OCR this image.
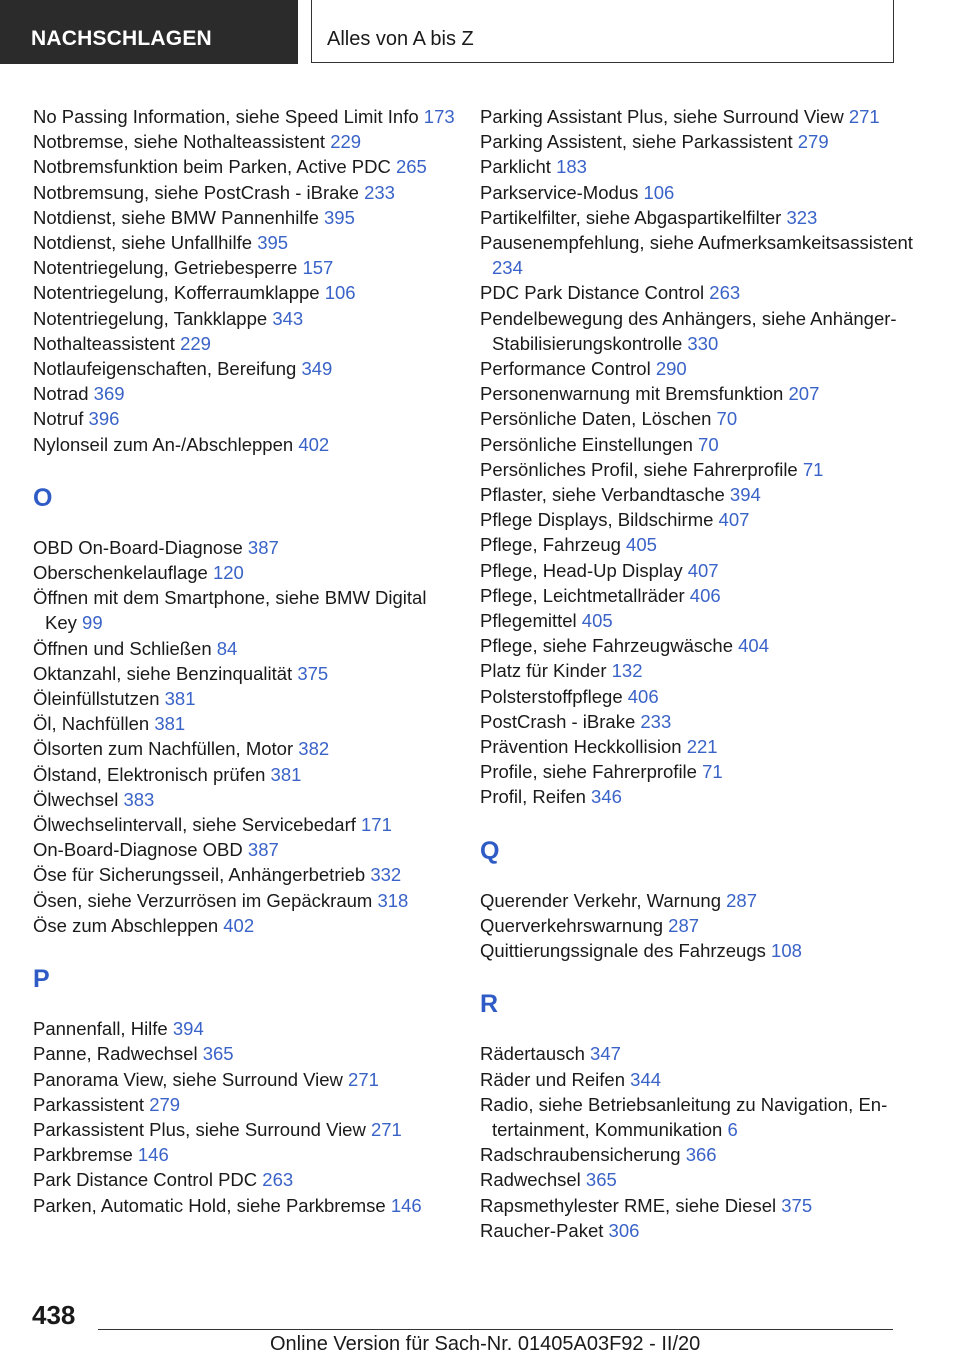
NACHSCHLAGEN	Alles von A bis Z
No Passing Information, siehe Speed Limit Info 173
Notbremse, siehe Nothalteassistent 229
Notbremsfunktion beim Parken, Active PDC 265
Notbremsung, siehe PostCrash - iBrake 233
Notdienst, siehe BMW Pannenhilfe 395
Notdienst, siehe Unfallhilfe 395
Notentriegelung, Getriebesperre 157
Notentriegelung, Kofferraumklappe 106
Notentriegelung, Tankklappe 343
Nothalteassistent 229
Notlaufeigenschaften, Bereifung 349
Notrad 369
Notruf 396
Nylonseil zum An-/Abschleppen 402
O
OBD On-Board-Diagnose 387
Oberschenkelauflage 120
Öffnen mit dem Smartphone, siehe BMW Digital Key 99
Öffnen und Schließen 84
Oktanzahl, siehe Benzinqualität 375
Öleinfüllstutzen 381
Öl, Nachfüllen 381
Ölsorten zum Nachfüllen, Motor 382
Ölstand, Elektronisch prüfen 381
Ölwechsel 383
Ölwechselintervall, siehe Servicebedarf 171
On-Board-Diagnose OBD 387
Öse für Sicherungsseil, Anhängerbetrieb 332
Ösen, siehe Verzurrösen im Gepäckraum 318
Öse zum Abschleppen 402
P
Pannenfall, Hilfe 394
Panne, Radwechsel 365
Panorama View, siehe Surround View 271
Parkassistent 279
Parkassistent Plus, siehe Surround View 271
Parkbremse 146
Park Distance Control PDC 263
Parken, Automatic Hold, siehe Parkbremse 146
Parking Assistant Plus, siehe Surround View 271
Parking Assistent, siehe Parkassistent 279
Parklicht 183
Parkservice-Modus 106
Partikelfilter, siehe Abgaspartikelfilter 323
Pausenempfehlung, siehe Aufmerksamkeitsassistent 234
PDC Park Distance Control 263
Pendelbewegung des Anhängers, siehe Anhänger-Stabilisierungskontrolle 330
Performance Control 290
Personenwarnung mit Bremsfunktion 207
Persönliche Daten, Löschen 70
Persönliche Einstellungen 70
Persönliches Profil, siehe Fahrerprofile 71
Pflaster, siehe Verbandtasche 394
Pflege Displays, Bildschirme 407
Pflege, Fahrzeug 405
Pflege, Head-Up Display 407
Pflege, Leichtmetallräder 406
Pflegemittel 405
Pflege, siehe Fahrzeugwäsche 404
Platz für Kinder 132
Polsterstoffpflege 406
PostCrash - iBrake 233
Prävention Heckkollision 221
Profile, siehe Fahrerprofile 71
Profil, Reifen 346
Q
Querender Verkehr, Warnung 287
Querverkehrswarnung 287
Quittierungssignale des Fahrzeugs 108
R
Rädertausch 347
Räder und Reifen 344
Radio, siehe Betriebsanleitung zu Navigation, Entertainment, Kommunikation 6
Radschraubensicherung 366
Radwechsel 365
Rapsmethylester RME, siehe Diesel 375
Raucher-Paket 306
438
Online Version für Sach-Nr. 01405A03F92 - II/20
